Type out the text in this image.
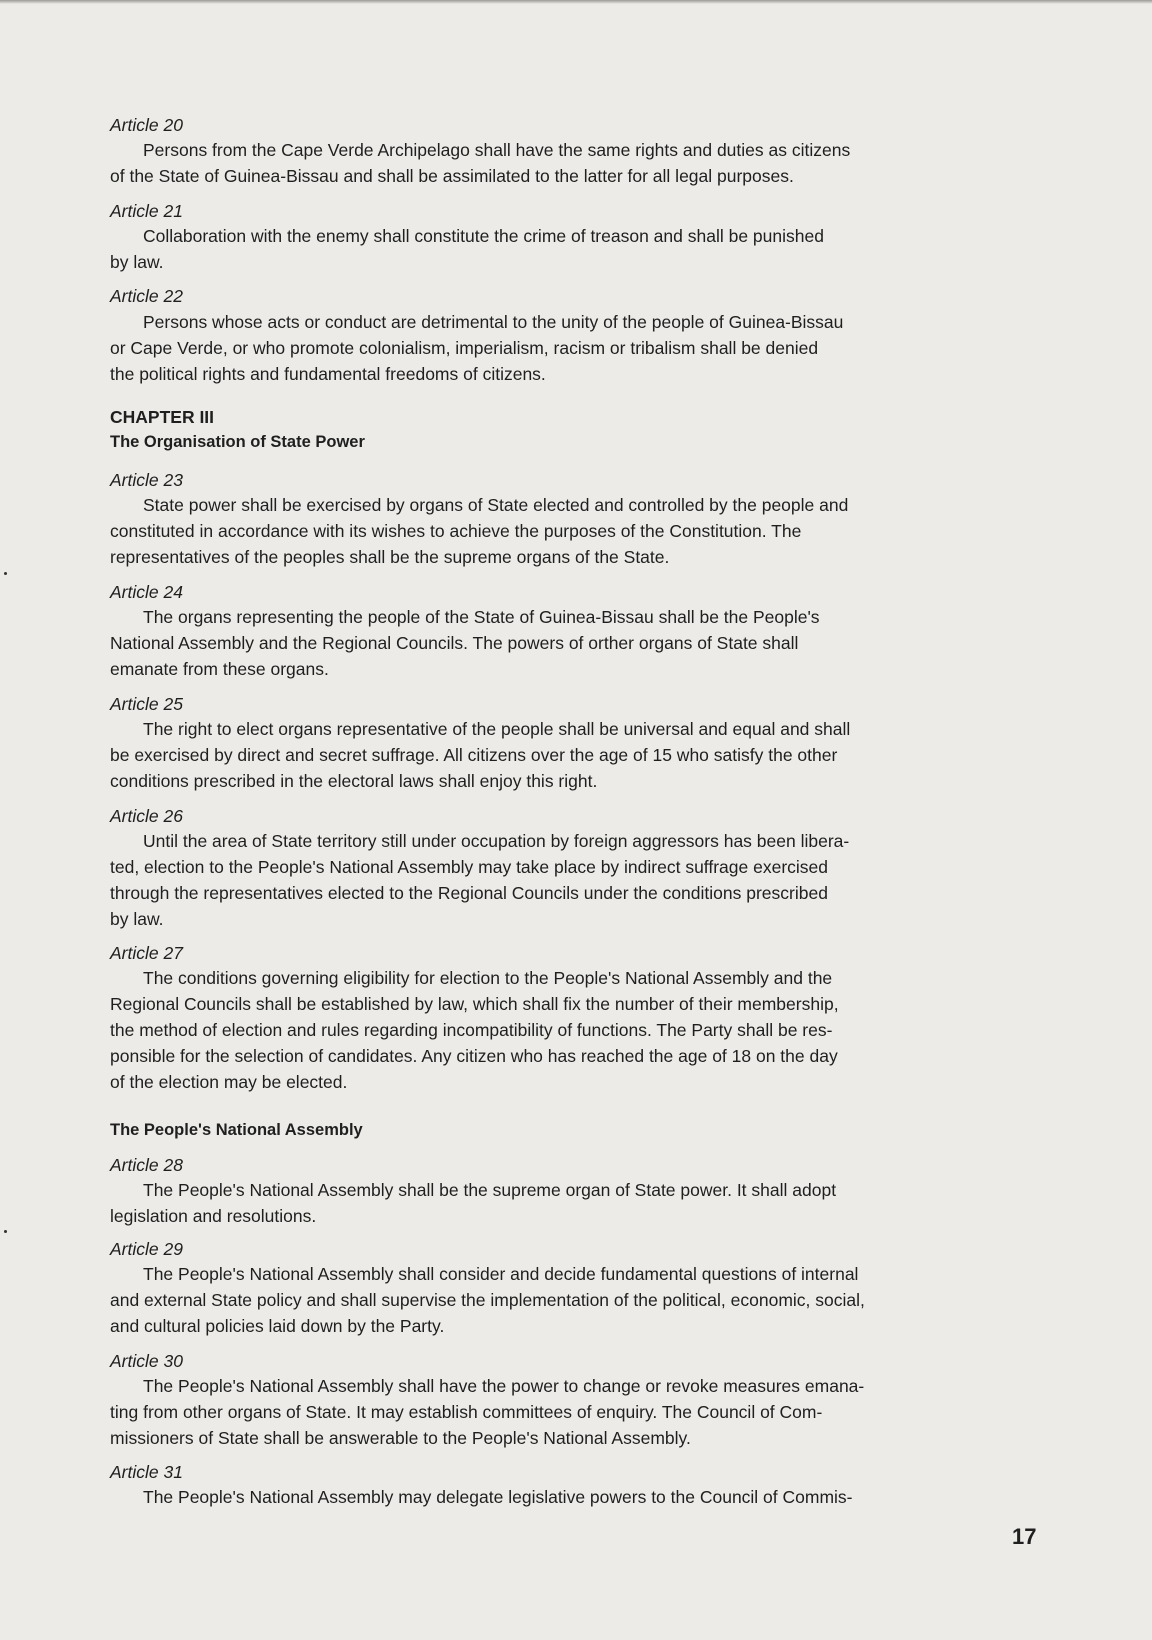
Article 20

Persons from the Cape Verde Archipelago shall have the same rights and duties as citizens

of the State of Guinea-Bissau and shall be assimilated to the latter for all legal purposes.

Article 21

Collaboration with the enemy shall constitute the crime of treason and shall be punished

by law.

Article 22

Persons whose acts or conduct are detrimental to the unity of the people of Guinea-Bissau

or Cape Verde, or who promote colonialism, imperialism, racism or tribalism shall be denied

the political rights and fundamental freedoms of citizens.

CHAPTER III

The Organisation of State Power

Article 23

State power shall be exercised by organs of State elected and controlled by the people and

constituted in accordance with its wishes to achieve the purposes of the Constitution. The

representatives of the peoples shall be the supreme organs of the State.

Article 24

The organs representing the people of the State of Guinea-Bissau shall be the People's

National Assembly and the Regional Councils. The powers of orther organs of State shall

emanate from these organs.

Article 25

The right to elect organs representative of the people shall be universal and equal and shall

be exercised by direct and secret suffrage. All citizens over the age of 15 who satisfy the other

conditions prescribed in the electoral laws shall enjoy this right.

Article 26

Until the area of State territory still under occupation by foreign aggressors has been libera-

ted, election to the People's National Assembly may take place by indirect suffrage exercised

through the representatives elected to the Regional Councils under the conditions prescribed

by law.

Article 27

The conditions governing eligibility for election to the People's National Assembly and the

Regional Councils shall be established by law, which shall fix the number of their membership,

the method of election and rules regarding incompatibility of functions. The Party shall be res-

ponsible for the selection of candidates. Any citizen who has reached the age of 18 on the day

of the election may be elected.

The People's National Assembly

Article 28

The People's National Assembly shall be the supreme organ of State power. It shall adopt

legislation and resolutions.

Article 29

The People's National Assembly shall consider and decide fundamental questions of internal

and external State policy and shall supervise the implementation of the political, economic, social,

and cultural policies laid down by the Party.

Article 30

The People's National Assembly shall have the power to change or revoke measures emana-

ting from other organs of State. It may establish committees of enquiry. The Council of Com-

missioners of State shall be answerable to the People's National Assembly.

Article 31

The People's National Assembly may delegate legislative powers to the Council of Commis-

17
